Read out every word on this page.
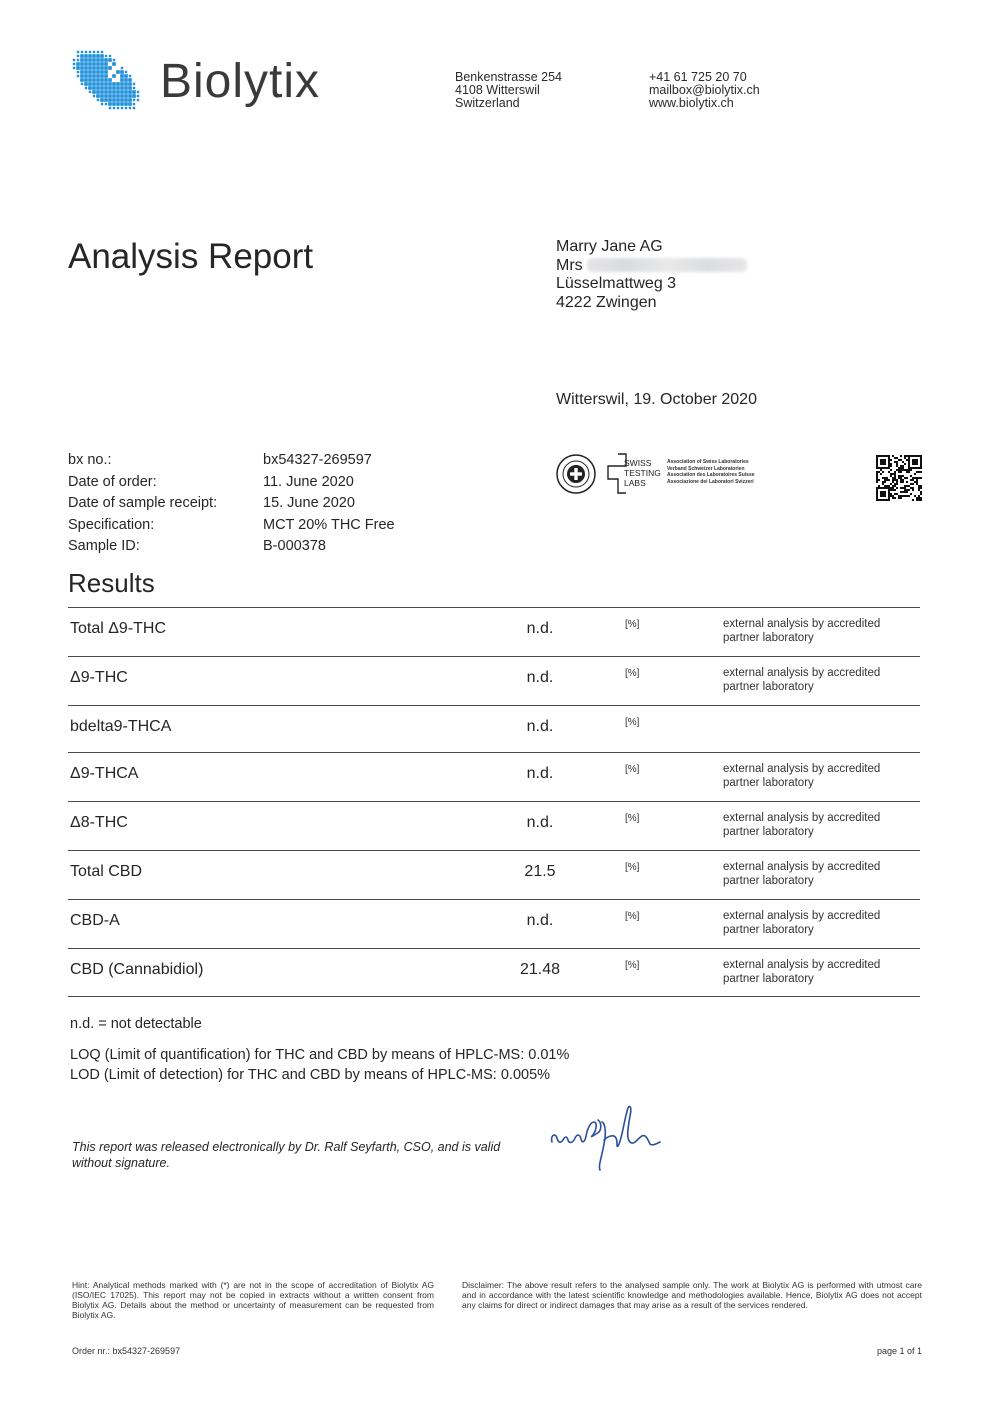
Biolytix	Benkenstrasse 254
4108 Witterswil
Switzerland
+41 61 725 20 70
mailbox@biolytix.ch
www.biolytix.ch
Analysis Report	Marry Jane AG
Mrs
Lüsselmattweg 3
4222 Zwingen
Witterswil, 19. October 2020
bx no.:	bx54327-269597
Date of order:	11. June 2020
Date of sample receipt:	15. June 2020
Specification:	MCT 20% THC Free
Sample ID:	B-000378
SWISS
TESTING
LABS
Association of Swiss Laboratories
Verband Schweizer Laboratorien
Association des Laboratoires Suisse
Associazione dei Laboratori Svizzeri
Results
Total Δ9-THC	n.d.	[%]	external analysis by accredited partner laboratory
Δ9-THC	n.d.	[%]	external analysis by accredited partner laboratory
bdelta9-THCA	n.d.	[%]
Δ9-THCA	n.d.	[%]	external analysis by accredited partner laboratory
Δ8-THC	n.d.	[%]	external analysis by accredited partner laboratory
Total CBD	21.5	[%]	external analysis by accredited partner laboratory
CBD-A	n.d.	[%]	external analysis by accredited partner laboratory
CBD (Cannabidiol)	21.48	[%]	external analysis by accredited partner laboratory
n.d. = not detectable
LOQ (Limit of quantification) for THC and CBD by means of HPLC-MS: 0.01%
LOD (Limit of detection) for THC and CBD by means of HPLC-MS: 0.005%
This report was released electronically by Dr. Ralf Seyfarth, CSO, and is valid without signature.
Hint: Analytical methods marked with (*) are not in the scope of accreditation of Biolytix AG (ISO/IEC 17025). This report may not be copied in extracts without a written consent from Biolytix AG. Details about the method or uncertainty of measurement can be requested from Biolytix AG.
Disclaimer: The above result refers to the analysed sample only. The work at Biolytix AG is performed with utmost care and in accordance with the latest scientific knowledge and methodologies available. Hence, Biolytix AG does not accept any claims for direct or indirect damages that may arise as a result of the services rendered.
Order nr.: bx54327-269597	page 1 of 1
